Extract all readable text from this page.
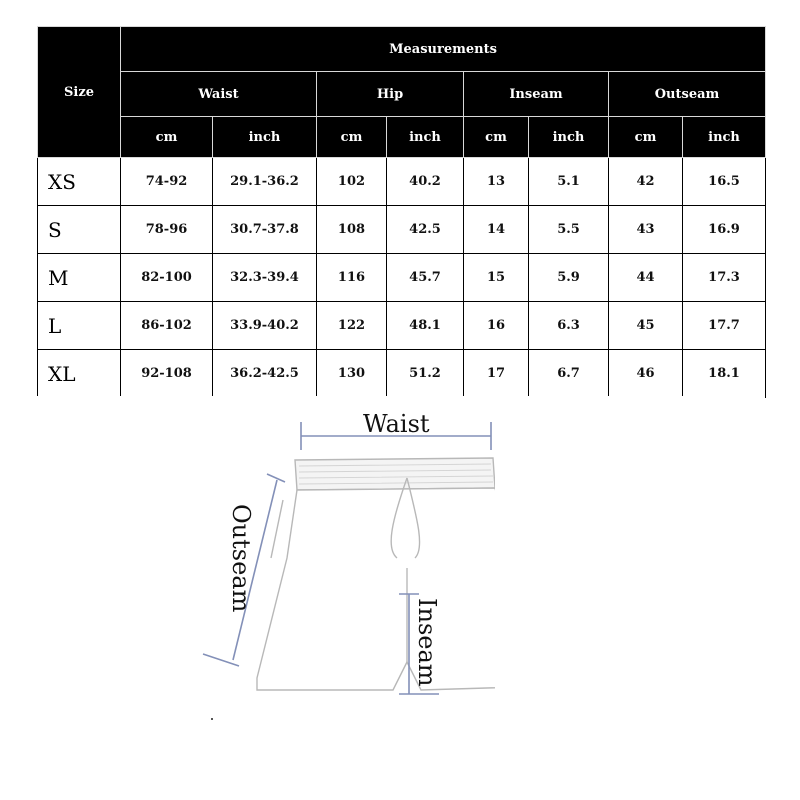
Size	Measurements							
	Waist		Hip		Inseam		Outseam	
	cm	inch	cm	inch	cm	inch	cm	inch
XS	74-92	29.1-36.2	102	40.2	13	5.1	42	16.5
S	78-96	30.7-37.8	108	42.5	14	5.5	43	16.9
M	82-100	32.3-39.4	116	45.7	15	5.9	44	17.3
L	86-102	33.9-40.2	122	48.1	16	6.3	45	17.7
XL	92-108	36.2-42.5	130	51.2	17	6.7	46	18.1
Waist
Outseam
Inseam
